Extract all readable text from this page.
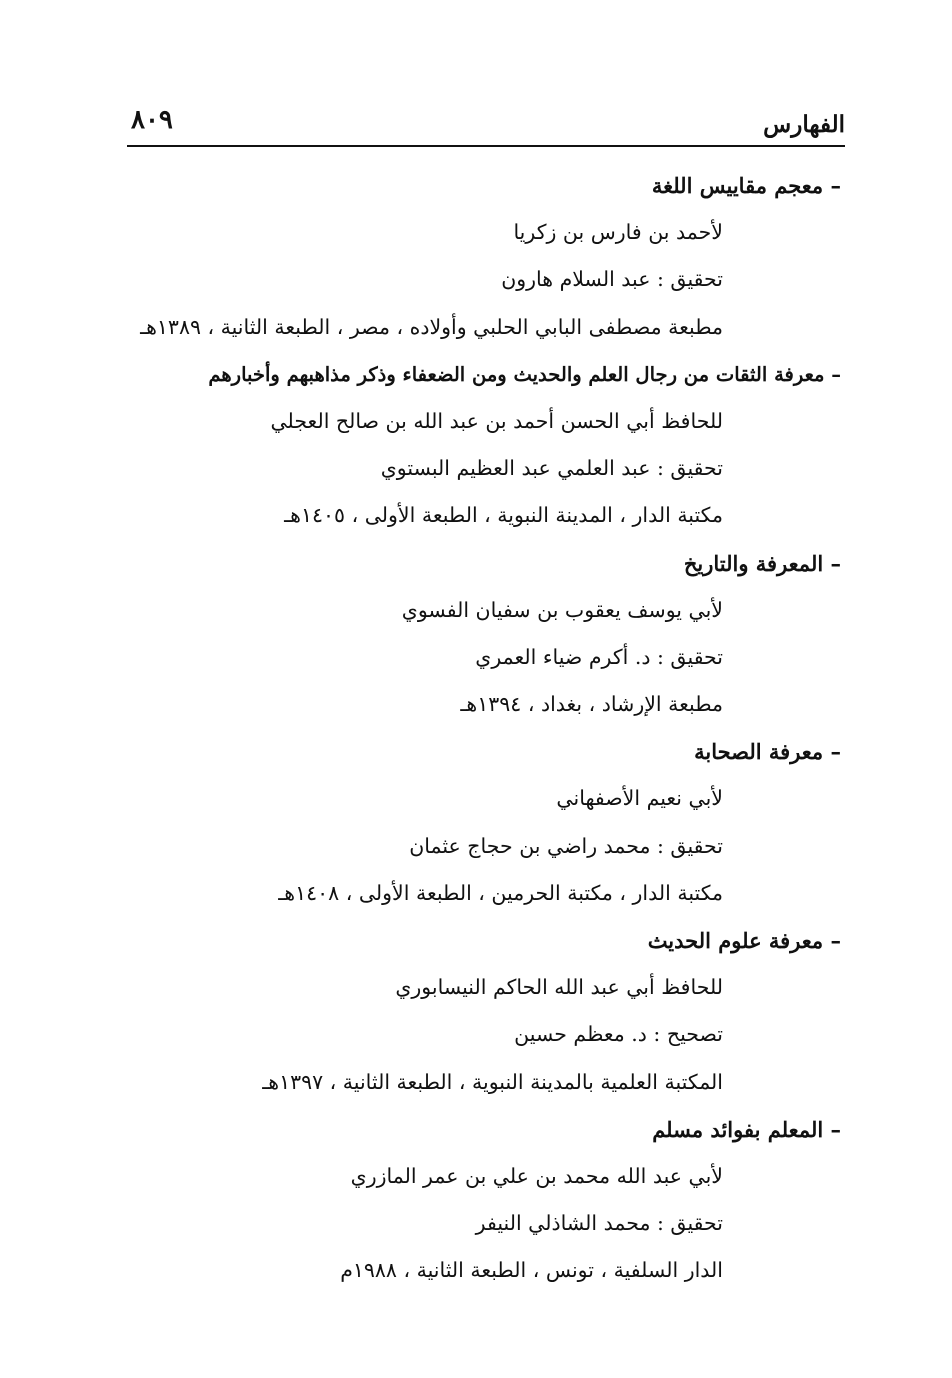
الفهارس
٨٠٩
– معجم مقاييس اللغة
لأحمد بن فارس بن زكريا
تحقيق : عبد السلام هارون
مطبعة مصطفى البابي الحلبي وأولاده ، مصر ، الطبعة الثانية ، ١٣٨٩هـ
– معرفة الثقات من رجال العلم والحديث ومن الضعفاء وذكر مذاهبهم وأخبارهم
للحافظ أبي الحسن أحمد بن عبد الله بن صالح العجلي
تحقيق : عبد العلمي عبد العظيم البستوي
مكتبة الدار ، المدينة النبوية ، الطبعة الأولى ، ١٤٠٥هـ
– المعرفة والتاريخ
لأبي يوسف يعقوب بن سفيان الفسوي
تحقيق : د. أكرم ضياء العمري
مطبعة الإرشاد ، بغداد ، ١٣٩٤هـ
– معرفة الصحابة
لأبي نعيم الأصفهاني
تحقيق : محمد راضي بن حجاج عثمان
مكتبة الدار ، مكتبة الحرمين ، الطبعة الأولى ، ١٤٠٨هـ
– معرفة علوم الحديث
للحافظ أبي عبد الله الحاكم النيسابوري
تصحيح : د. معظم حسين
المكتبة العلمية بالمدينة النبوية ، الطبعة الثانية ، ١٣٩٧هـ
– المعلم بفوائد مسلم
لأبي عبد الله محمد بن علي بن عمر المازري
تحقيق : محمد الشاذلي النيفر
الدار السلفية ، تونس ، الطبعة الثانية ، ١٩٨٨م
